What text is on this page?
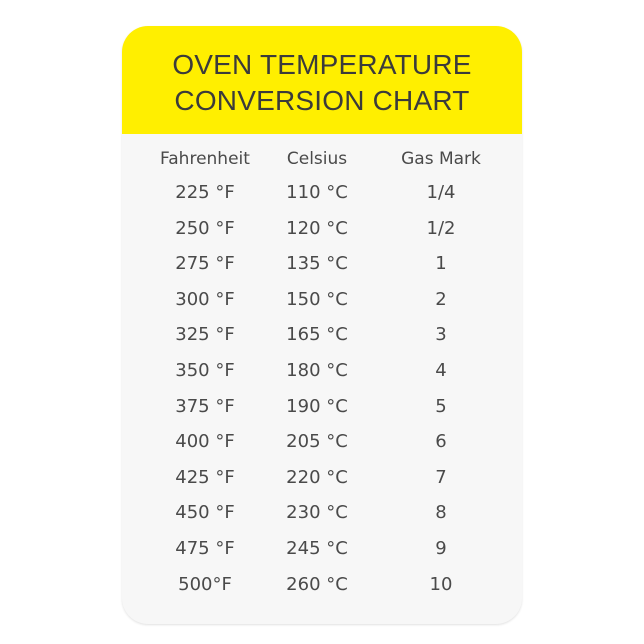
OVEN TEMPERATURE
CONVERSION CHART
Fahrenheit	Celsius	Gas Mark
225 °F	110 °C	1/4
250 °F	120 °C	1/2
275 °F	135 °C	1
300 °F	150 °C	2
325 °F	165 °C	3
350 °F	180 °C	4
375 °F	190 °C	5
400 °F	205 °C	6
425 °F	220 °C	7
450 °F	230 °C	8
475 °F	245 °C	9
500°F	260 °C	10
